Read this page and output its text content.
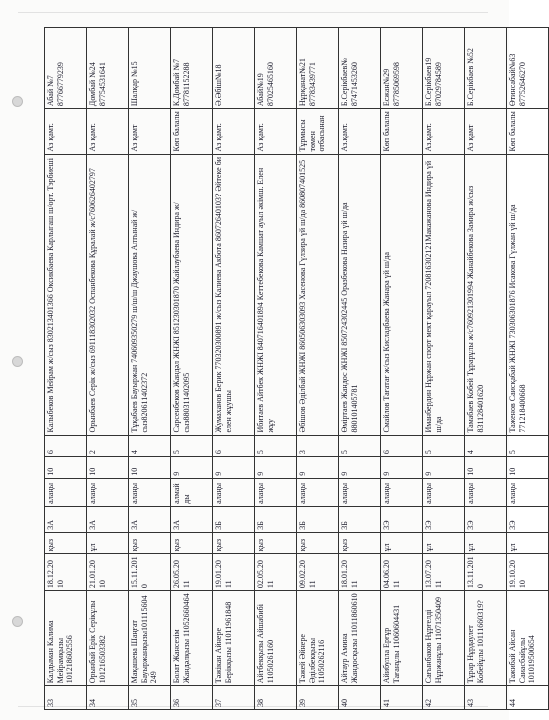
33	Калдыман Калима Мейрамқызы 101218602556	18.12.2010	қыз	3А	алаңы	10	6	Калыбеков Мейрам ж/сыз 830213401366 Оксикбаева Карлыгаш ш/орт. Тэрбиеші	Аз қамт.	Абай №7 87766779239
34	Орынбай Ерік Серікұлы 101216503382	21.01.2010	ұл	3А	алаңы	10	2	Орынбаев Серік ж/сыз 691118302032 Оспанбекова Құралай ж/с760626402797	Аз қамт.	Домбай №24 87754531641
35	Мақашева Шаңғат Бауыржанқызы101115604249	15.11.2010	қыз	3А	алаңы	10	4	Тұқабаев Бауыржан 740609350279 ш/ш/ш Джаушова Алтынай ж/сыз820611402372	Аз қамт	Шалқар №15
36	Болат Жансезім Жандәлқызы 11052660464	26.05.2011	қыз	3А	алмайды	9	5	Сарсенбеков Жандәл ЖНЖІ 851230301870 Жайлаубаева Индира ж/сыз880311402095	Көп балалы	К.Домбай №7 87781152288
37	Тәжікан Айнере Берікқызы 11011961848	19.01.2011	қыз	3Б	алаңы	9	6	Жумаханов Берик 770320300891 ж/сыз Калиева Акбота 86072640103? Әйтеке би елен жұушы	Аз қамт.	Ә.Әбіш№18
38	Айтбекқызы Айшабибі 11050261160	02.05.2011	қыз	3Б	алаңы	9	5	Ибитаев Айтбек ЖНЖІ 840716401894 Кеттебекова Камшат ауыл әкімш. Елен жұу	Аз қамт.	Абай№19 87025465160
39	Тәжей Әйнере Әділбекқызы 11050262116	09.02.2011	қыз	3Б	алаңы	9	3	Әбішов Әділбай ЖНЖІ 860506303093 Хасенова Гүлзира үй ш/да 860807401525	Тұрмысы төмен отбасынан	Нұрқанат№21 87783439771
40	Айтаур Амина Жандосқызы 11011860610	18.01.2011	қыз	3Б	алаңы	9	5	Өміртаев Жандос ЖНЖІ 850724302445 Оразбекова Назира үй ш/да 880101405781	Аз.қамт.	Б.Серікбаев№ 87471453260
41	Айибулла Ерғұр Тағанұлы 11060604431	04.06.2011	ұл	3Э	алаңы	9	6	Смайлов Тағатағ ж/сыз Кисладбаева Жанара үй ш/да	Көп балалы	Есжан№29 87785069598
42	Сағынбаков Нұрғелді Нұржанұлы 11071350409	13.07.2011	ұл	3Э	алаңы	9	5	Иманбердин Нұржан спорт мект қарауыл 720816302121Макажанова Индира үй ш/да	Аз.қамт.	Б.Серікбаев19 87029784589
43	Тұрар Нұрдаулет Кобейұлы 10111660319?	13.11.2010	ұл	3Э	алаңы	10	4	Тамабаев Кобей Тұрарұлы ж/с760921301994 Жанайбекова Замира ж/сыз 831128401620	Аз қамт	Б.Серікбаев №52
44	Тажибай Айсан Саиасбайұлы 101019500654	19.10.2010	ұл	3Э	алаңы	10	5	Таженов Саисқабай ЖНЖІ 730306301876 Исакова Гүлжан үй ш/да 771218400668	Көп балалы	Өтинсабай№63 87752646270
